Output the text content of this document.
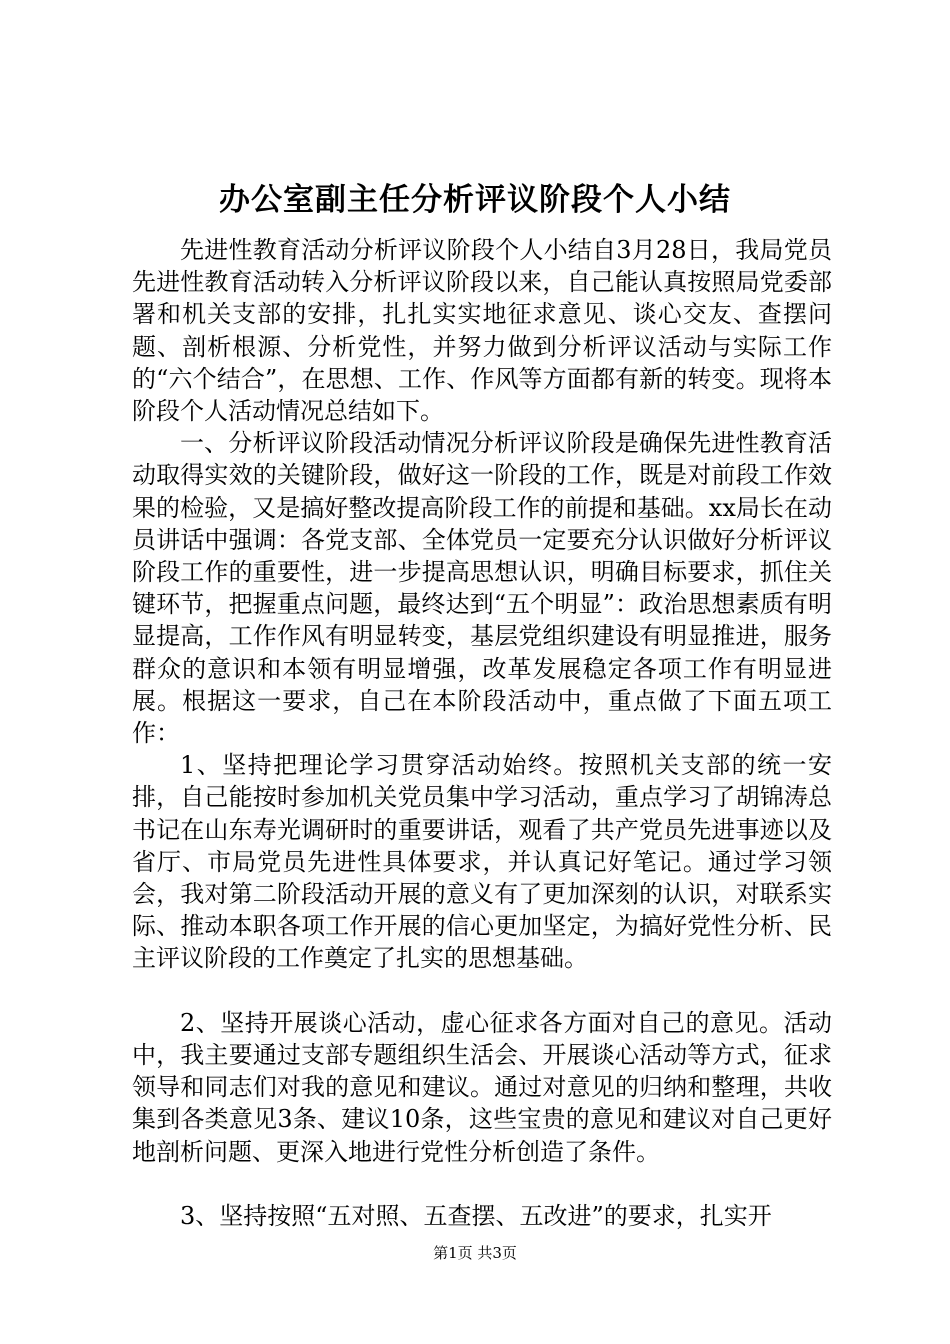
办公室副主任分析评议阶段个人小结

先进性教育活动分析评议阶段个人小结自3月28日，我局党员先进性教育活动转入分析评议阶段以来，自己能认真按照局党委部署和机关支部的安排，扎扎实实地征求意见、谈心交友、查摆问题、剖析根源、分析党性，并努力做到分析评议活动与实际工作的“六个结合”，在思想、工作、作风等方面都有新的转变。现将本阶段个人活动情况总结如下。

一、分析评议阶段活动情况分析评议阶段是确保先进性教育活动取得实效的关键阶段，做好这一阶段的工作，既是对前段工作效果的检验，又是搞好整改提高阶段工作的前提和基础。xx局长在动员讲话中强调：各党支部、全体党员一定要充分认识做好分析评议阶段工作的重要性，进一步提高思想认识，明确目标要求，抓住关键环节，把握重点问题，最终达到“五个明显”：政治思想素质有明显提高，工作作风有明显转变，基层党组织建设有明显推进，服务群众的意识和本领有明显增强，改革发展稳定各项工作有明显进展。根据这一要求，自己在本阶段活动中，重点做了下面五项工作：

1、坚持把理论学习贯穿活动始终。按照机关支部的统一安排，自己能按时参加机关党员集中学习活动，重点学习了胡锦涛总书记在山东寿光调研时的重要讲话，观看了共产党员先进事迹以及省厅、市局党员先进性具体要求，并认真记好笔记。通过学习领会，我对第二阶段活动开展的意义有了更加深刻的认识，对联系实际、推动本职各项工作开展的信心更加坚定，为搞好党性分析、民主评议阶段的工作奠定了扎实的思想基础。

2、坚持开展谈心活动，虚心征求各方面对自己的意见。活动中，我主要通过支部专题组织生活会、开展谈心活动等方式，征求领导和同志们对我的意见和建议。通过对意见的归纳和整理，共收集到各类意见3条、建议10条，这些宝贵的意见和建议对自己更好地剖析问题、更深入地进行党性分析创造了条件。

3、坚持按照“五对照、五查摆、五改进”的要求，扎实开

第1页 共3页
